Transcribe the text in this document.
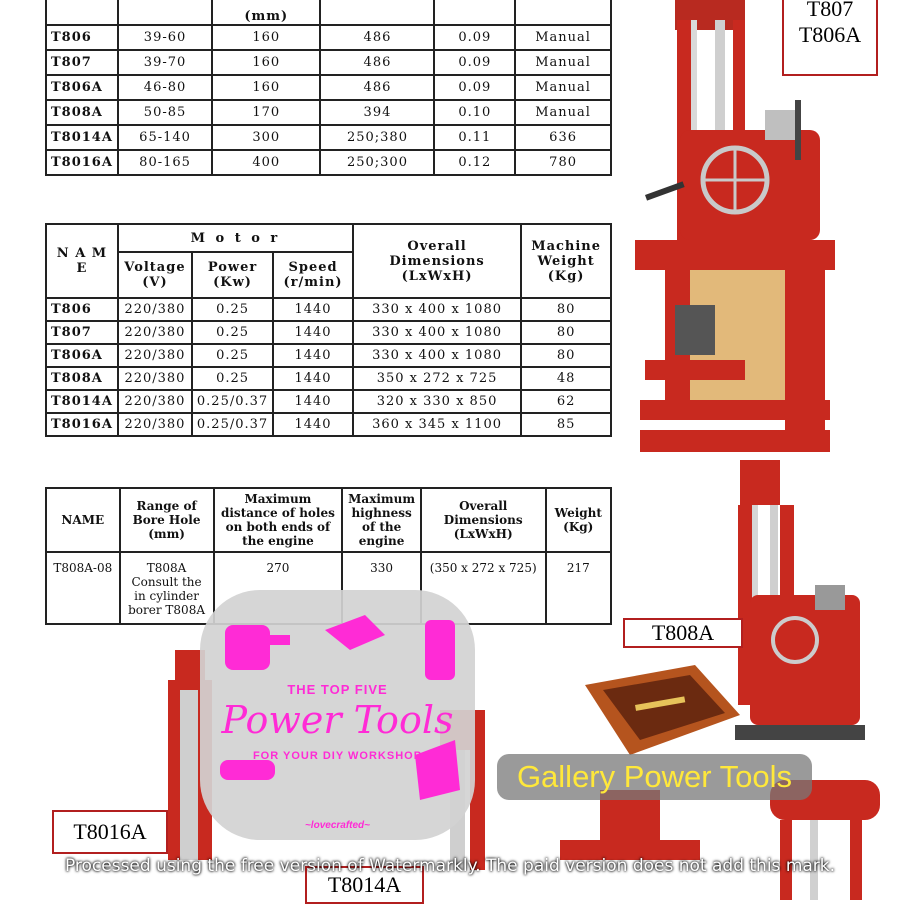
		(mm)			
T806	39-60	160	486	0.09	Manual
T807	39-70	160	486	0.09	Manual
T806A	46-80	160	486	0.09	Manual
T808A	50-85	170	394	0.10	Manual
T8014A	65-140	300	250;380	0.11	636
T8016A	80-165	400	250;300	0.12	780
N A M E	M o t o r			Overall Dimensions (LxWxH)	Machine Weight (Kg)
	Voltage (V)	Power (Kw)	Speed (r/min)		
T806	220/380	0.25	1440	330 x 400 x 1080	80
T807	220/380	0.25	1440	330 x 400 x 1080	80
T806A	220/380	0.25	1440	330 x 400 x 1080	80
T808A	220/380	0.25	1440	350 x 272 x 725	48
T8014A	220/380	0.25/0.37	1440	320 x 330 x 850	62
T8016A	220/380	0.25/0.37	1440	360 x 345 x 1100	85
NAME	Range of Bore Hole (mm)	Maximum distance of holes on both ends of the engine	Maximum highness of the engine	Overall Dimensions (LxWxH)	Weight (Kg)
T808A-08	T808A Consult the in cylinder borer T808A	270	330	(350 x 272 x 725)	217
T807
T806A
T808A
T8016A
T8014A
THE TOP FIVE
Power Tools
FOR YOUR DIY WORKSHOP
~lovecrafted~
Gallery Power Tools
Processed using the free version of Watermarkly. The paid version does not add this mark.
